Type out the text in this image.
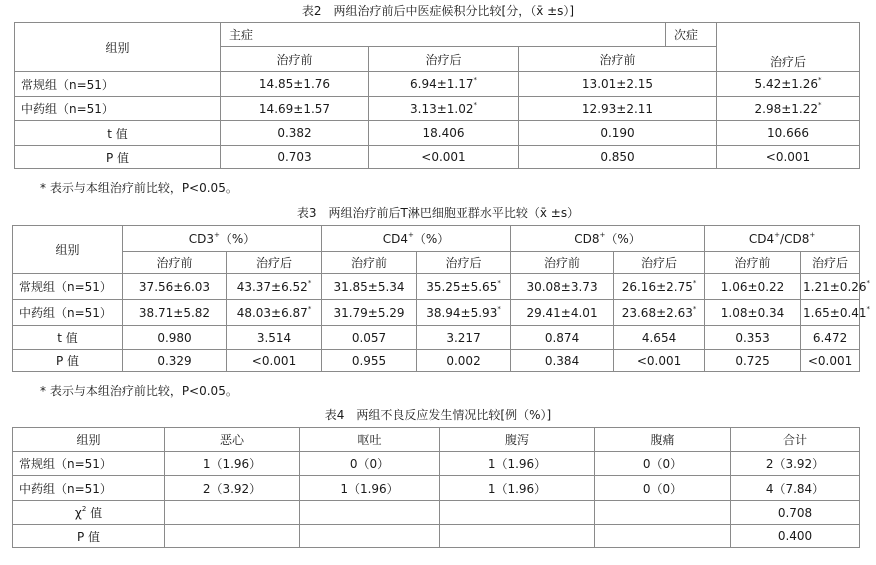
表2　两组治疗前后中医症候积分比较[分，（x̄ ±s）]
组别	主症			次症	治疗后
	治疗前	治疗后	治疗前		
常规组（n=51）	14.85±1.76	6.94±1.17*	13.01±2.15		5.42±1.26*
中药组（n=51）	14.69±1.57	3.13±1.02*	12.93±2.11		2.98±1.22*
t 值	0.382	18.406	0.190		10.666
P 值	0.703	<0.001	0.850		<0.001
* 表示与本组治疗前比较，P<0.05。
表3　两组治疗前后T淋巴细胞亚群水平比较（x̄ ±s）
组别	CD3+（%）		CD4+（%）		CD8+（%）		CD4+/CD8+
	治疗前	治疗后	治疗前	治疗后	治疗前	治疗后	治疗前	治疗后
常规组（n=51）	37.56±6.03	43.37±6.52*	31.85±5.34	35.25±5.65*	30.08±3.73	26.16±2.75*	1.06±0.22	1.21±0.26*
中药组（n=51）	38.71±5.82	48.03±6.87*	31.79±5.29	38.94±5.93*	29.41±4.01	23.68±2.63*	1.08±0.34	1.65±0.41*
t 值	0.980	3.514	0.057	3.217	0.874	4.654	0.353	6.472
P 值	0.329	<0.001	0.955	0.002	0.384	<0.001	0.725	<0.001
* 表示与本组治疗前比较，P<0.05。
表4　两组不良反应发生情况比较[例（%）]
组别	恶心	呕吐	腹泻	腹痛	合计
常规组（n=51）	1（1.96）	0（0）	1（1.96）	0（0）	2（3.92）
中药组（n=51）	2（3.92）	1（1.96）	1（1.96）	0（0）	4（7.84）
$\chi^2$ 值					0.708
P 值					0.400
